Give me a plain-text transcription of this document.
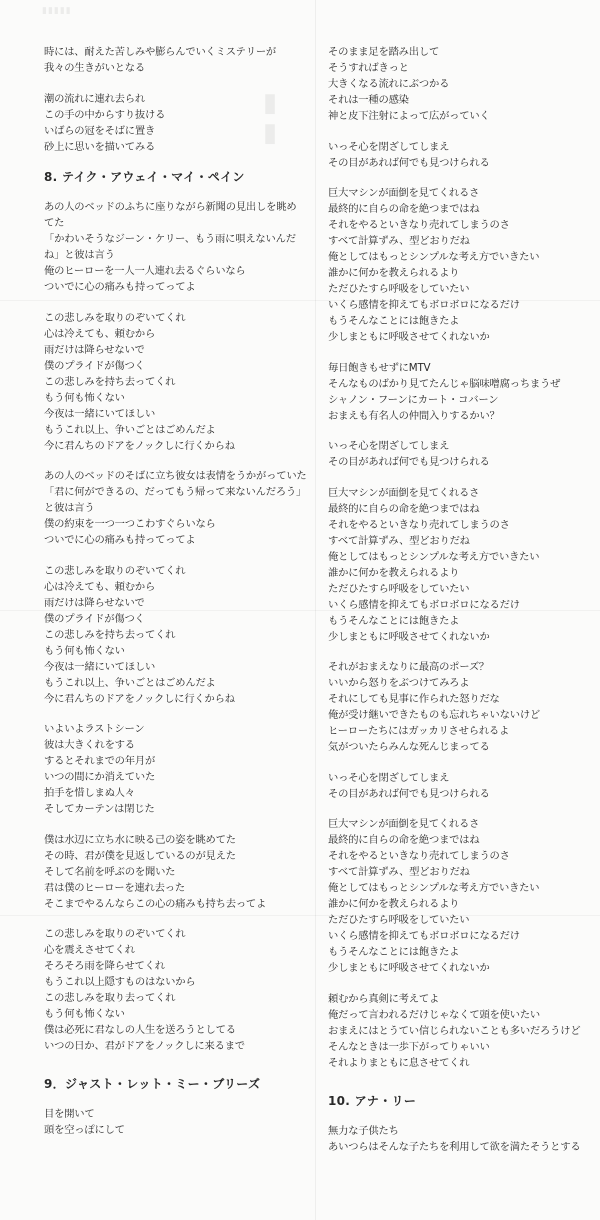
▮▮▮▮▮
▮▮
時には、耐えた苦しみや膨らんでいくミステリーが
我々の生きがいとなる
潮の流れに連れ去られ
この手の中からすり抜ける
いばらの冠をそばに置き
砂上に思いを描いてみる
8. テイク・アウェイ・マイ・ペイン
あの人のベッドのふちに座りながら新聞の見出しを眺め
てた
「かわいそうなジーン・ケリー、もう雨に唄えないんだ
ね」と彼は言う
俺のヒーローを一人一人連れ去るぐらいなら
ついでに心の痛みも持ってってよ
この悲しみを取りのぞいてくれ
心は冷えても、頼むから
雨だけは降らせないで
僕のプライドが傷つく
この悲しみを持ち去ってくれ
もう何も怖くない
今夜は一緒にいてほしい
もうこれ以上、争いごとはごめんだよ
今に君んちのドアをノックしに行くからね
あの人のベッドのそばに立ち彼女は表情をうかがっていた
「君に何ができるの、だってもう帰って来ないんだろう」
と彼は言う
僕の約束を一つ一つこわすぐらいなら
ついでに心の痛みも持ってってよ
この悲しみを取りのぞいてくれ
心は冷えても、頼むから
雨だけは降らせないで
僕のプライドが傷つく
この悲しみを持ち去ってくれ
もう何も怖くない
今夜は一緒にいてほしい
もうこれ以上、争いごとはごめんだよ
今に君んちのドアをノックしに行くからね
いよいよラストシーン
彼は大きくれをする
するとそれまでの年月が
いつの間にか消えていた
拍手を惜しまぬ人々
そしてカーテンは閉じた
僕は水辺に立ち水に映る己の姿を眺めてた
その時、君が僕を見返しているのが見えた
そして名前を呼ぶのを聞いた
君は僕のヒーローを連れ去った
そこまでやるんならこの心の痛みも持ち去ってよ
この悲しみを取りのぞいてくれ
心を震えさせてくれ
そろそろ雨を降らせてくれ
もうこれ以上隠すものはないから
この悲しみを取り去ってくれ
もう何も怖くない
僕は必死に君なしの人生を送ろうとしてる
いつの日か、君がドアをノックしに来るまで
9．ジャスト・レット・ミー・ブリーズ
目を開いて
頭を空っぽにして
そのまま足を踏み出して
そうすればきっと
大きくなる流れにぶつかる
それは一種の感染
神と皮下注射によって広がっていく
いっそ心を閉ざしてしまえ
その目があれば何でも見つけられる
巨大マシンが面倒を見てくれるさ
最終的に自らの命を絶つまではね
それをやるといきなり売れてしまうのさ
すべて計算ずみ、型どおりだね
俺としてはもっとシンプルな考え方でいきたい
誰かに何かを教えられるより
ただひたすら呼吸をしていたい
いくら感情を抑えてもボロボロになるだけ
もうそんなことには飽きたよ
少しまともに呼吸させてくれないか
毎日飽きもせずにMTV
そんなものばかり見てたんじゃ脳味噌腐っちまうぜ
シャノン・フーンにカート・コバーン
おまえも有名人の仲間入りするかい？
いっそ心を閉ざしてしまえ
その目があれば何でも見つけられる
巨大マシンが面倒を見てくれるさ
最終的に自らの命を絶つまではね
それをやるといきなり売れてしまうのさ
すべて計算ずみ、型どおりだね
俺としてはもっとシンプルな考え方でいきたい
誰かに何かを教えられるより
ただひたすら呼吸をしていたい
いくら感情を抑えてもボロボロになるだけ
もうそんなことには飽きたよ
少しまともに呼吸させてくれないか
それがおまえなりに最高のポーズ？
いいから怒りをぶつけてみろよ
それにしても見事に作られた怒りだな
俺が受け継いできたものも忘れちゃいないけど
ヒーローたちにはガッカリさせられるよ
気がついたらみんな死んじまってる
いっそ心を閉ざしてしまえ
その目があれば何でも見つけられる
巨大マシンが面倒を見てくれるさ
最終的に自らの命を絶つまではね
それをやるといきなり売れてしまうのさ
すべて計算ずみ、型どおりだね
俺としてはもっとシンプルな考え方でいきたい
誰かに何かを教えられるより
ただひたすら呼吸をしていたい
いくら感情を抑えてもボロボロになるだけ
もうそんなことには飽きたよ
少しまともに呼吸させてくれないか
頼むから真剣に考えてよ
俺だって言われるだけじゃなくて頭を使いたい
おまえにはとうてい信じられないことも多いだろうけど
そんなときは一歩下がってりゃいい
それよりまともに息させてくれ
10. アナ・リー
無力な子供たち
あいつらはそんな子たちを利用して欲を満たそうとする
